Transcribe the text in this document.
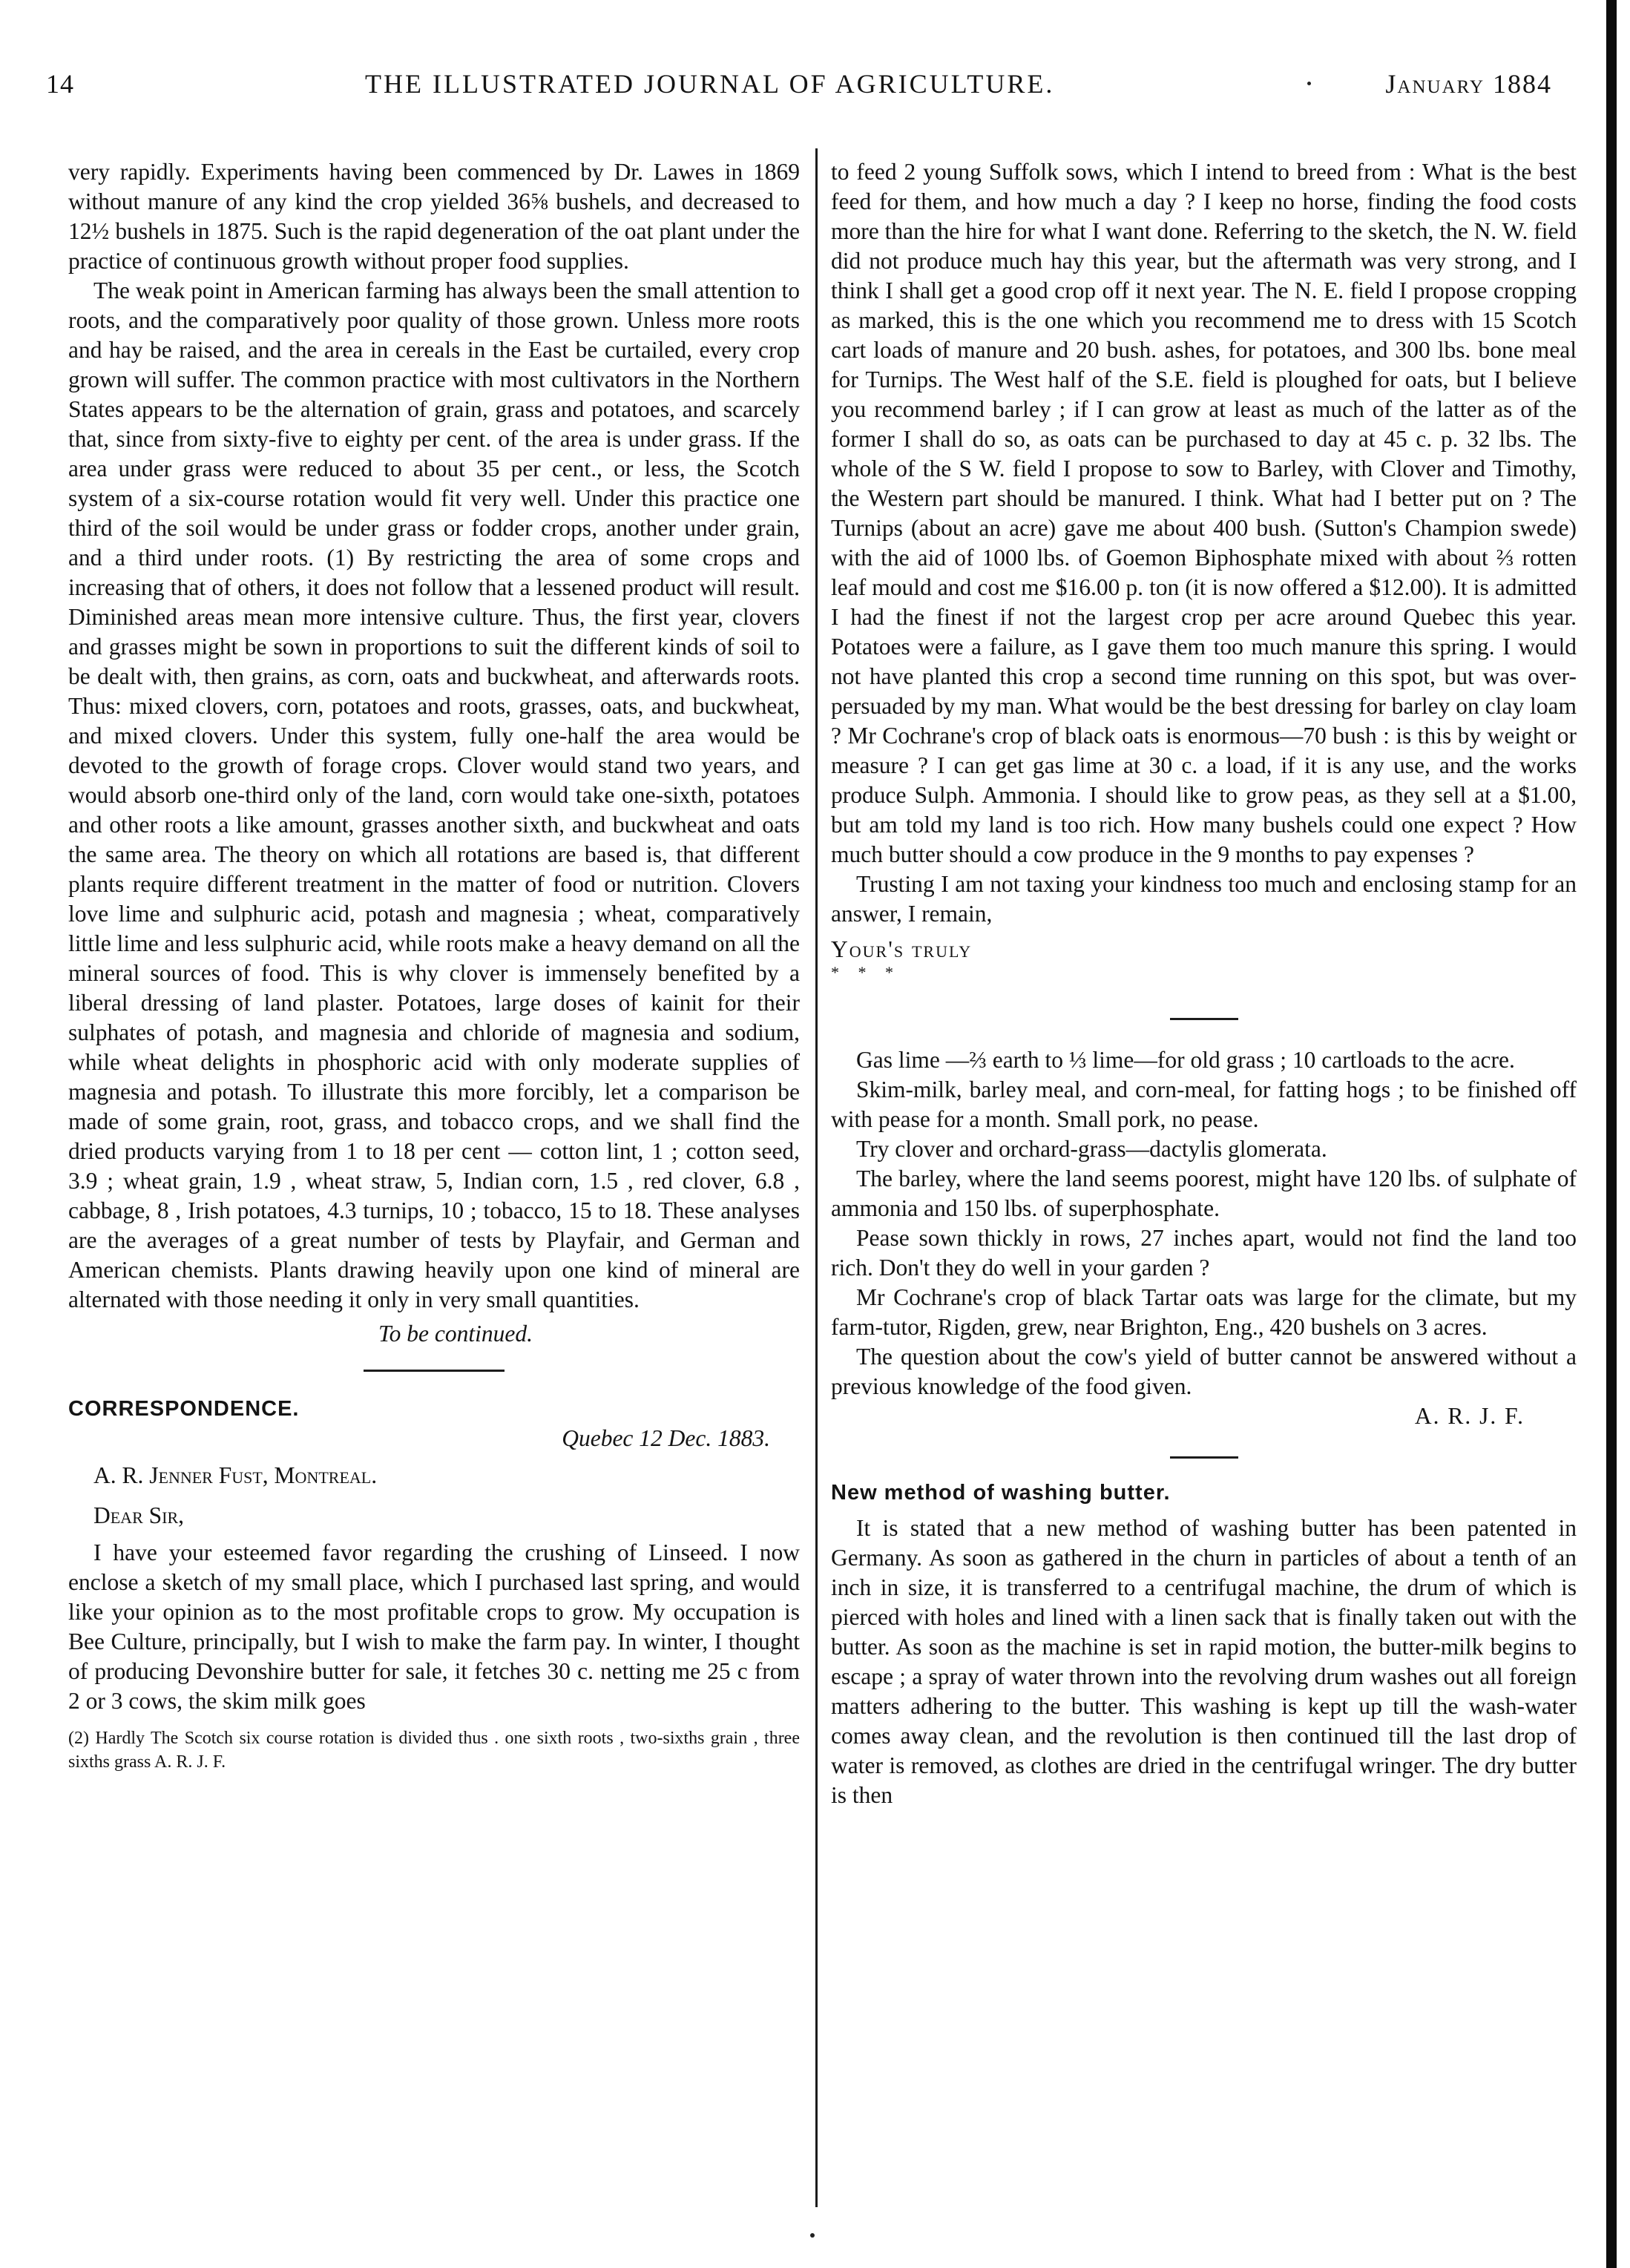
14	THE ILLUSTRATED JOURNAL OF AGRICULTURE.	January 1884

very rapidly. Experiments having been commenced by Dr. Lawes in 1869 without manure of any kind the crop yielded 36⅝ bushels, and decreased to 12½ bushels in 1875. Such is the rapid degeneration of the oat plant under the practice of continuous growth without proper food supplies.

The weak point in American farming has always been the small attention to roots, and the comparatively poor quality of those grown. Unless more roots and hay be raised, and the area in cereals in the East be curtailed, every crop grown will suffer. The common practice with most cultivators in the Northern States appears to be the alternation of grain, grass and potatoes, and scarcely that, since from sixty-five to eighty per cent. of the area is under grass. If the area under grass were reduced to about 35 per cent., or less, the Scotch system of a six-course rotation would fit very well. Under this practice one third of the soil would be under grass or fodder crops, another under grain, and a third under roots. (1) By restricting the area of some crops and increasing that of others, it does not follow that a lessened product will result. Diminished areas mean more intensive culture. Thus, the first year, clovers and grasses might be sown in proportions to suit the different kinds of soil to be dealt with, then grains, as corn, oats and buckwheat, and afterwards roots. Thus: mixed clovers, corn, potatoes and roots, grasses, oats, and buckwheat, and mixed clovers. Under this system, fully one-half the area would be devoted to the growth of forage crops. Clover would stand two years, and would absorb one-third only of the land, corn would take one-sixth, potatoes and other roots a like amount, grasses another sixth, and buckwheat and oats the same area. The theory on which all rotations are based is, that different plants require different treatment in the matter of food or nutrition. Clovers love lime and sulphuric acid, potash and magnesia ; wheat, comparatively little lime and less sulphuric acid, while roots make a heavy demand on all the mineral sources of food. This is why clover is immensely benefited by a liberal dressing of land plaster. Potatoes, large doses of kainit for their sulphates of potash, and magnesia and chloride of magnesia and sodium, while wheat delights in phosphoric acid with only moderate supplies of magnesia and potash. To illustrate this more forcibly, let a comparison be made of some grain, root, grass, and tobacco crops, and we shall find the dried products varying from 1 to 18 per cent — cotton lint, 1 ; cotton seed, 3.9 ; wheat grain, 1.9 , wheat straw, 5, Indian corn, 1.5 , red clover, 6.8 , cabbage, 8 , Irish potatoes, 4.3 turnips, 10 ; tobacco, 15 to 18. These analyses are the averages of a great number of tests by Playfair, and German and American chemists. Plants drawing heavily upon one kind of mineral are alternated with those needing it only in very small quantities.

To be continued.

CORRESPONDENCE.

Quebec 12 Dec. 1883.

A. R. Jenner Fust, Montreal.

Dear Sir,

I have your esteemed favor regarding the crushing of Linseed. I now enclose a sketch of my small place, which I purchased last spring, and would like your opinion as to the most profitable crops to grow. My occupation is Bee Culture, principally, but I wish to make the farm pay. In winter, I thought of producing Devonshire butter for sale, it fetches 30 c. netting me 25 c from 2 or 3 cows, the skim milk goes

(2) Hardly The Scotch six course rotation is divided thus . one sixth roots , two-sixths grain , three sixths grass A. R. J. F.

to feed 2 young Suffolk sows, which I intend to breed from : What is the best feed for them, and how much a day ? I keep no horse, finding the food costs more than the hire for what I want done. Referring to the sketch, the N. W. field did not produce much hay this year, but the aftermath was very strong, and I think I shall get a good crop off it next year. The N. E. field I propose cropping as marked, this is the one which you recommend me to dress with 15 Scotch cart loads of manure and 20 bush. ashes, for potatoes, and 300 lbs. bone meal for Turnips. The West half of the S.E. field is ploughed for oats, but I believe you recommend barley ; if I can grow at least as much of the latter as of the former I shall do so, as oats can be purchased to day at 45 c. p. 32 lbs. The whole of the S W. field I propose to sow to Barley, with Clover and Timothy, the Western part should be manured. I think. What had I better put on ? The Turnips (about an acre) gave me about 400 bush. (Sutton's Champion swede) with the aid of 1000 lbs. of Goemon Biphosphate mixed with about ⅔ rotten leaf mould and cost me $16.00 p. ton (it is now offered a $12.00). It is admitted I had the finest if not the largest crop per acre around Quebec this year. Potatoes were a failure, as I gave them too much manure this spring. I would not have planted this crop a second time running on this spot, but was over-persuaded by my man. What would be the best dressing for barley on clay loam ? Mr Cochrane's crop of black oats is enormous—70 bush : is this by weight or measure ? I can get gas lime at 30 c. a load, if it is any use, and the works produce Sulph. Ammonia. I should like to grow peas, as they sell at a $1.00, but am told my land is too rich. How many bushels could one expect ? How much butter should a cow produce in the 9 months to pay expenses ?

Trusting I am not taxing your kindness too much and enclosing stamp for an answer, I remain,

Your's truly

* * *

Gas lime —⅔ earth to ⅓ lime—for old grass ; 10 cartloads to the acre.

Skim-milk, barley meal, and corn-meal, for fatting hogs ; to be finished off with pease for a month. Small pork, no pease.

Try clover and orchard-grass—dactylis glomerata.

The barley, where the land seems poorest, might have 120 lbs. of sulphate of ammonia and 150 lbs. of superphosphate.

Pease sown thickly in rows, 27 inches apart, would not find the land too rich. Don't they do well in your garden ?

Mr Cochrane's crop of black Tartar oats was large for the climate, but my farm-tutor, Rigden, grew, near Brighton, Eng., 420 bushels on 3 acres.

The question about the cow's yield of butter cannot be answered without a previous knowledge of the food given.

A. R. J. F.

New method of washing butter.

It is stated that a new method of washing butter has been patented in Germany. As soon as gathered in the churn in particles of about a tenth of an inch in size, it is transferred to a centrifugal machine, the drum of which is pierced with holes and lined with a linen sack that is finally taken out with the butter. As soon as the machine is set in rapid motion, the butter-milk begins to escape ; a spray of water thrown into the revolving drum washes out all foreign matters adhering to the butter. This washing is kept up till the wash-water comes away clean, and the revolution is then continued till the last drop of water is removed, as clothes are dried in the centrifugal wringer. The dry butter is then
